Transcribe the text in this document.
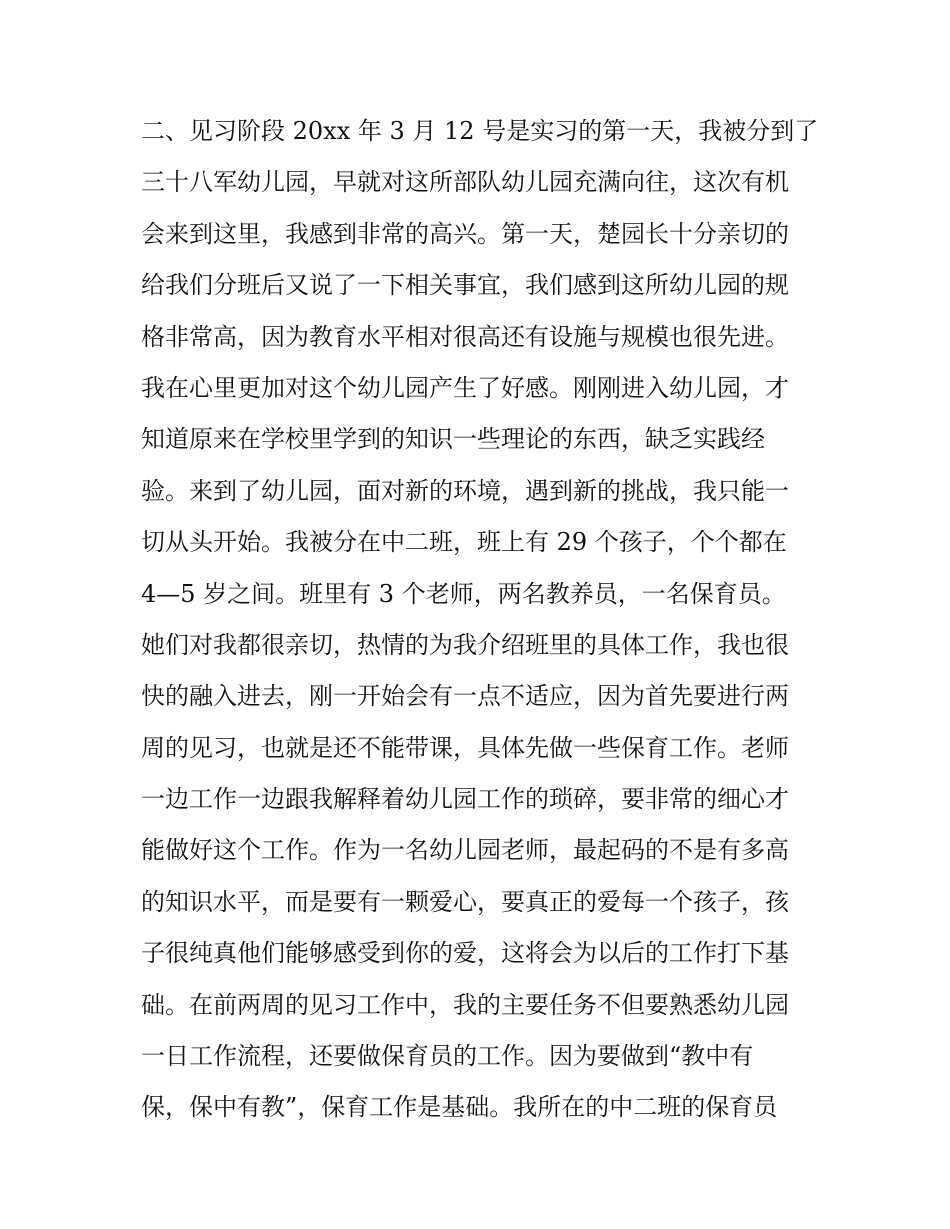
二、见习阶段 20xx 年 3 月 12 号是实习的第一天，我被分到了
三十八军幼儿园，早就对这所部队幼儿园充满向往，这次有机
会来到这里，我感到非常的高兴。第一天，楚园长十分亲切的
给我们分班后又说了一下相关事宜，我们感到这所幼儿园的规
格非常高，因为教育水平相对很高还有设施与规模也很先进。
我在心里更加对这个幼儿园产生了好感。刚刚进入幼儿园，才
知道原来在学校里学到的知识一些理论的东西，缺乏实践经
验。来到了幼儿园，面对新的环境，遇到新的挑战，我只能一
切从头开始。我被分在中二班，班上有 29 个孩子，个个都在
4—5 岁之间。班里有 3 个老师，两名教养员，一名保育员。
她们对我都很亲切，热情的为我介绍班里的具体工作，我也很
快的融入进去，刚一开始会有一点不适应，因为首先要进行两
周的见习，也就是还不能带课，具体先做一些保育工作。老师
一边工作一边跟我解释着幼儿园工作的琐碎，要非常的细心才
能做好这个工作。作为一名幼儿园老师，最起码的不是有多高
的知识水平，而是要有一颗爱心，要真正的爱每一个孩子，孩
子很纯真他们能够感受到你的爱，这将会为以后的工作打下基
础。在前两周的见习工作中，我的主要任务不但要熟悉幼儿园
一日工作流程，还要做保育员的工作。因为要做到“教中有
保，保中有教”，保育工作是基础。我所在的中二班的保育员
